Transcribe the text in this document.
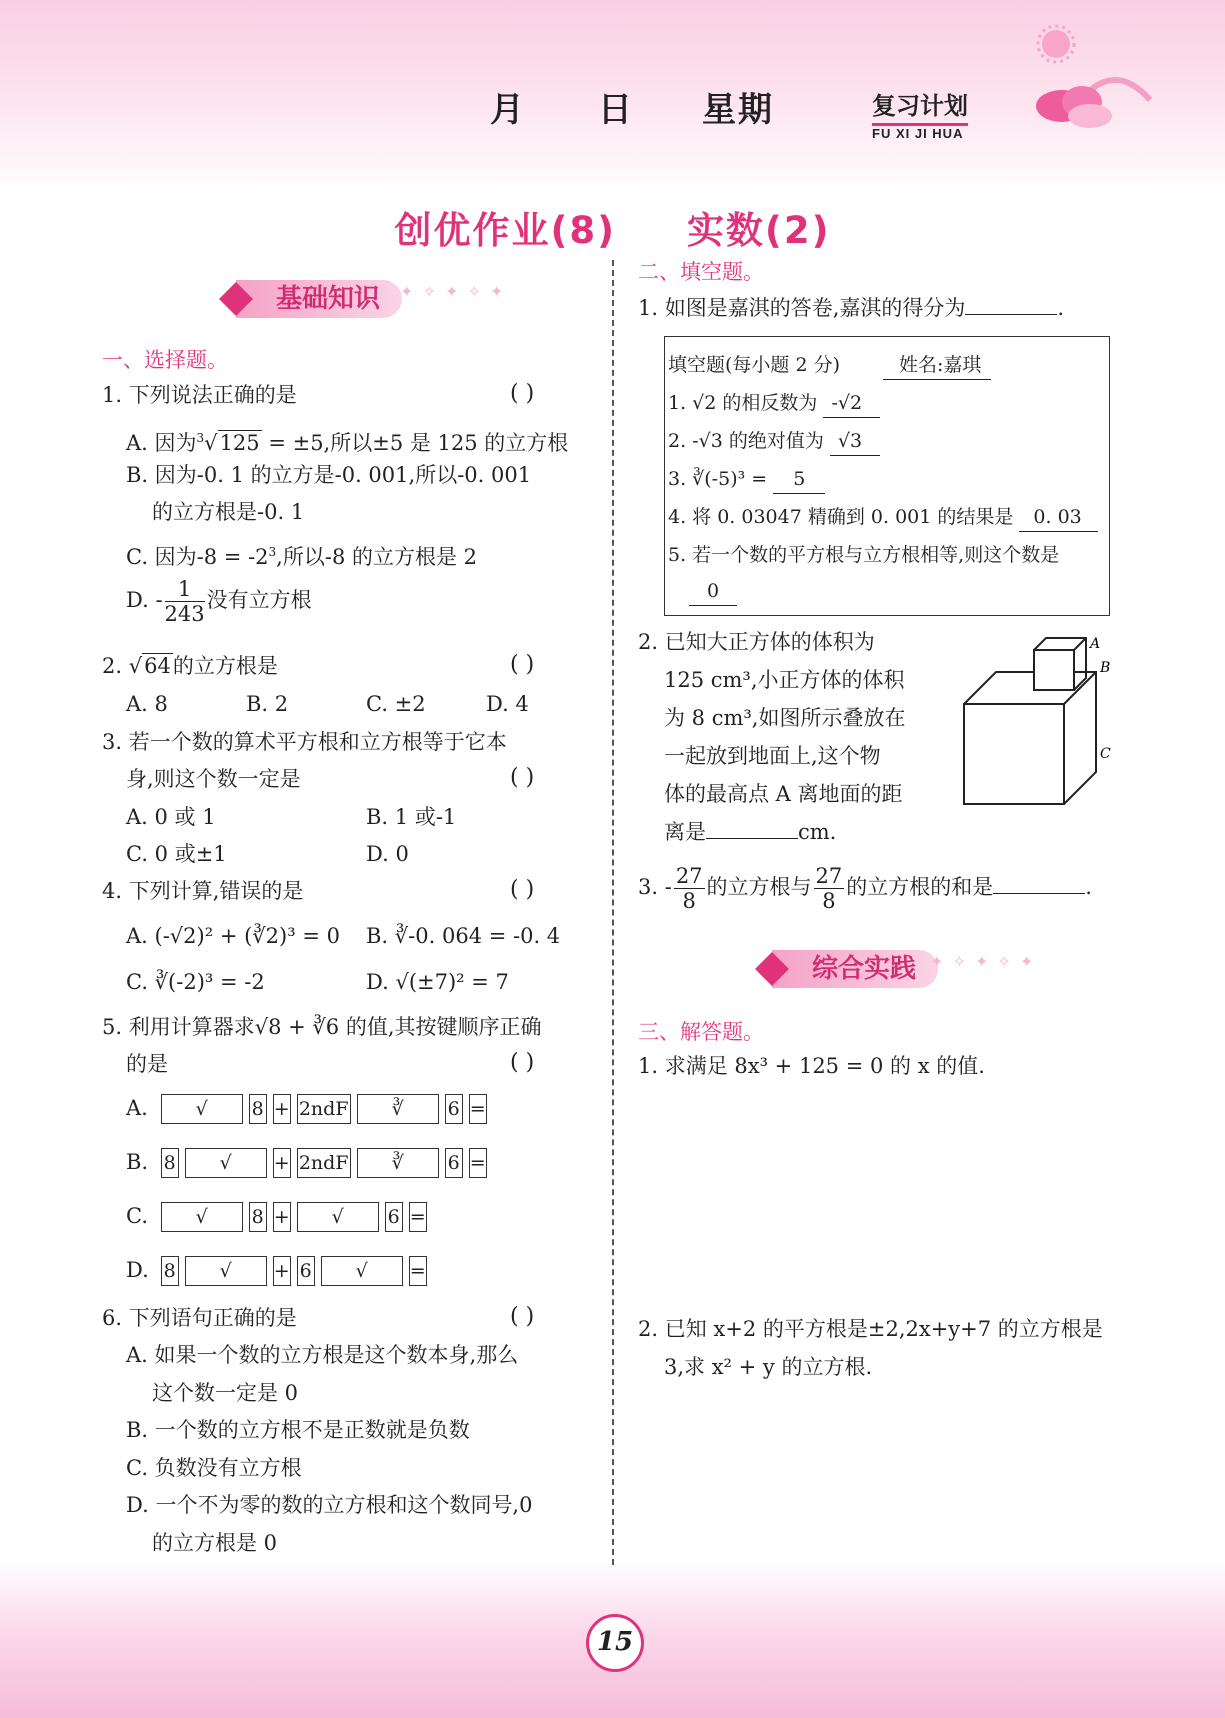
月 日 星期	复习计划
FU XI JI HUA
创优作业(8) 实数(2)
基础知识	✦ ✧ ✦ ✧ ✦
一、选择题。
1. 下列说法正确的是	( )
A. 因为$^3$√125 = ±5,所以±5 是 125 的立方根
B. 因为-0. 1 的立方是-0. 001,所以-0. 001
的立方根是-0. 1
C. 因为$-8 = -2^3$,所以-8 的立方根是 2
D. - $\frac{1}{243}$ 没有立方根
2. √64的立方根是	( )
A. 8	B. 2	C. ±2	D. 4
3. 若一个数的算术平方根和立方根等于它本
身,则这个数一定是	( )
A. 0 或 1	B. 1 或-1
C. 0 或±1	D. 0
4. 下列计算,错误的是	( )
A. (-√2)² + (∛2)³ = 0 B. ∛-0. 064 = -0. 4
C. ∛(-2)³ = -2	D. √(±7)² = 7
5. 利用计算器求√8 + ∛6 的值,其按键顺序正确
的是	( )
A.	√ 8 + 2ndF ∛ 6 =
B. 8 √ + 2ndF ∛ 6 =
C.	√ 8 + √ 6 =
D. 8 √ + 6 √ =
6. 下列语句正确的是	( )
A. 如果一个数的立方根是这个数本身,那么
这个数一定是 0
B. 一个数的立方根不是正数就是负数
C. 负数没有立方根
D. 一个不为零的数的立方根和这个数同号,0
的立方根是 0
二、填空题。
1. 如图是嘉淇的答卷,嘉淇的得分为	.
填空题(每小题 2 分)	姓名:嘉琪
1. √2 的相反数为 -√2
2. -√3 的绝对值为 √3
3. ∛(-5)³ = 5
4. 将 0. 03047 精确到 0. 001 的结果是 0. 03
5. 若一个数的平方根与立方根相等,则这个数是
0
2. 已知大正方体的体积为
125 cm³,小正方体的体积
为 8 cm³,如图所示叠放在
一起放到地面上,这个物
体的最高点 A 离地面的距
离是	cm.
A
B
C
3. - $\frac{27}{8}$ 的立方根与 $\frac{27}{8}$ 的立方根的和是	.
综合实践 ✦ ✧ ✦ ✧ ✦
三、解答题。
1. 求满足 8x³ + 125 = 0 的 x 的值.
2. 已知 x+2 的平方根是±2,2x+y+7 的立方根是
3,求 x² + y 的立方根.
15
